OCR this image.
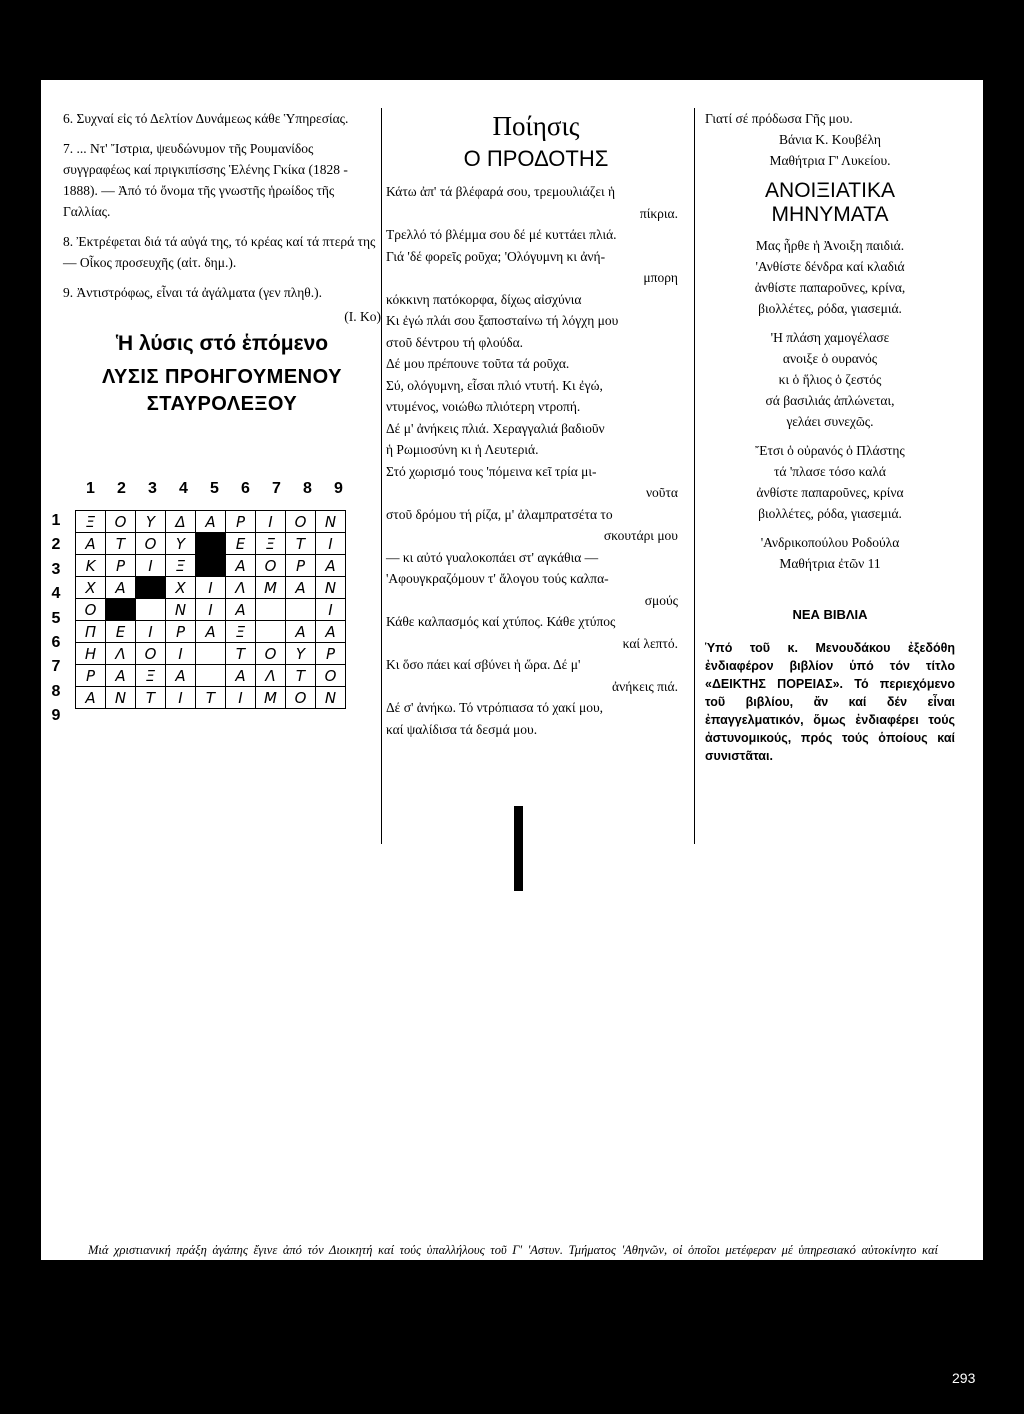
6. Συχναί εἰς τό Δελτίον Δυνάμεως κάθε Ὑπηρεσίας.
7. ... Ντ' Ἴστρια, ψευδώνυμον τῆς Ρουμανίδος συγγραφέως καί πριγκιπίσσης Ἑλένης Γκίκα (1828 - 1888). — Ἀπό τό ὄνομα τῆς γνωστῆς ἡρωίδος τῆς Γαλλίας.
8. Ἐκτρέφεται διά τά αὐγά της, τό κρέας καί τά πτερά της — Οἶκος προσευχῆς (αἰτ. δημ.).
9. Ἀντιστρόφως, εἶναι τά ἀγάλματα (γεν πληθ.).
(Ι. Κο)
Ἡ λύσις στό ἑπόμενο
ΛΥΣΙΣ ΠΡΟΗΓΟΥΜΕΝΟΥ ΣΤΑΥΡΟΛΕΞΟΥ
1	2	3	4	5	6	7	8	9
1
2
3
4
5
6
7
8
9
Ξ	Ο	Υ	Δ	Α	Ρ	Ι	Ο	Ν
Α	Τ	Ο	Υ		Ε	Ξ	Τ	Ι
Κ	Ρ	Ι	Ξ		Α	Ο	Ρ	Α
Χ	Α		Χ	Ι	Λ	Μ	Α	Ν
Ο			Ν	Ι	Α			Ι
Π	Ε	Ι	Ρ	Α	Ξ		Α	Α
Η	Λ	Ο	Ι		Τ	Ο	Υ	Ρ
Ρ	Α	Ξ	Α		Α	Λ	Τ	Ο
Α	Ν	Τ	Ι	Τ	Ι	Μ	Ο	Ν
Ποίησις
Ο ΠΡΟΔΟΤΗΣ
Κάτω ἀπ' τά βλέφαρά σου, τρεμουλιάζει ἡ
πίκρια.
Τρελλό τό βλέμμα σου δέ μέ κυττάει πλιά.
Γιά 'δέ φορεῖς ροῦχα; 'Ολόγυμνη κι ἀνή-
μπορη
κόκκινη πατόκορφα, δίχως αἰσχύνια
Κι ἐγώ πλάι σου ξαποσταίνω τή λόγχη μου
στοῦ δέντρου τή φλούδα.
Δέ μου πρέπουνε τοῦτα τά ροῦχα.
Σύ, ολόγυμνη, εἶσαι πλιό ντυτή. Κι ἐγώ,
ντυμένος, νοιώθω πλιότερη ντροπή.
Δέ μ' ἀνήκεις πλιά. Χεραγγαλιά βαδιοῦν
ἡ Ρωμιοσύνη κι ἡ Λευτεριά.
Στό χωρισμό τους 'πόμεινα κεῖ τρία μι-
νοῦτα
στοῦ δρόμου τή ρίζα, μ' ἀλαμπρατσέτα το
σκουτάρι μου
— κι αὐτό γυαλοκοπάει στ' αγκάθια —
'Αφουγκραζόμουν τ' ἄλογου τούς καλπα-
σμούς
Κάθε καλπασμός καί χτύπος. Κάθε χτύπος
καί λεπτό.
Κι ὅσο πάει καί σβύνει ἡ ὥρα. Δέ μ'
ἀνήκεις πιά.
Δέ σ' ἀνήκω. Τό ντρόπιασα τό χακί μου,
καί ψαλίδισα τά δεσμά μου.
Γιατί σέ πρόδωσα Γῆς μου.
Βάνια Κ. Κουβέλη
Μαθήτρια Γ' Λυκείου.
ΑΝΟΙΞΙΑΤΙΚΑ ΜΗΝΥΜΑΤΑ
Μας ἦρθε ἡ Ἀνοιξη παιδιά.
'Ανθίστε δένδρα καί κλαδιά
ἀνθίστε παπαροῦνες, κρίνα,
βιολλέτες, ρόδα, γιασεμιά.
'Η πλάση χαμογέλασε
ανοιξε ὁ ουρανός
κι ὁ ἥλιος ὁ ζεστός
σά βασιλιάς ἀπλώνεται,
γελάει συνεχῶς.
Ἔτσι ὁ οὐρανός ὁ Πλάστης
τά 'πλασε τόσο καλά
ἀνθίστε παπαροῦνες, κρίνα
βιολλέτες, ρόδα, γιασεμιά.
'Ανδρικοπούλου Ροδούλα
Μαθήτρια ἐτῶν 11
ΝΕΑ ΒΙΒΛΙΑ
Ὑπό τοῦ κ. Μενουδάκου ἐξεδόθη ἐνδιαφέρον βιβλίον ὑπό τόν τίτλο «ΔΕΙΚΤΗΣ ΠΟΡΕΙΑΣ». Τό περιεχόμενο τοῦ βιβλίου, ἄν καί δέν εἶναι ἐπαγγελματικόν, ὅμως ἐνδιαφέρει τούς ἀστυνομικούς, πρός τούς ὁποίους καί συνιστᾶται.
Μιά χριστιανική πράξη ἀγάπης ἔγινε ἀπό τόν Διοικητή καί τούς ὑπαλλήλους τοῦ Γ' 'Αστυν. Τμήματος 'Αθηνῶν, οἱ ὁποῖοι μετέφεραν μέ ὑπηρεσιακό αὐτοκίνητο καί ἐφιλοξένησαν μέ πλούσιο γεῦμα στή Λέσχη τοῦ Τμήματος 25 γεροντάκια τοῦ «σπιτιοῦ γαλήνης τοῦ Χριστοῦ». Στους τροφίμους πρός τούς ὁποίους μίλησε ὁ Διοικητής τοῦ τμήματος κ. Νηστικούλης προσεφέρθησαν δέματα μέ διάφορα δῶρα. 'Η ἐνέργεια αὐτή τοῦ διοικητοῦ καί τῶν ἀστυνομικῶν τοῦ Γ' Τμήματος πρέπει ἀσφαλῶς νά προβληθῆ σάν παράδειγμα πρός μίμησιν καί νά ἐξαρθῆ ἰδιαιτέρως.
293
